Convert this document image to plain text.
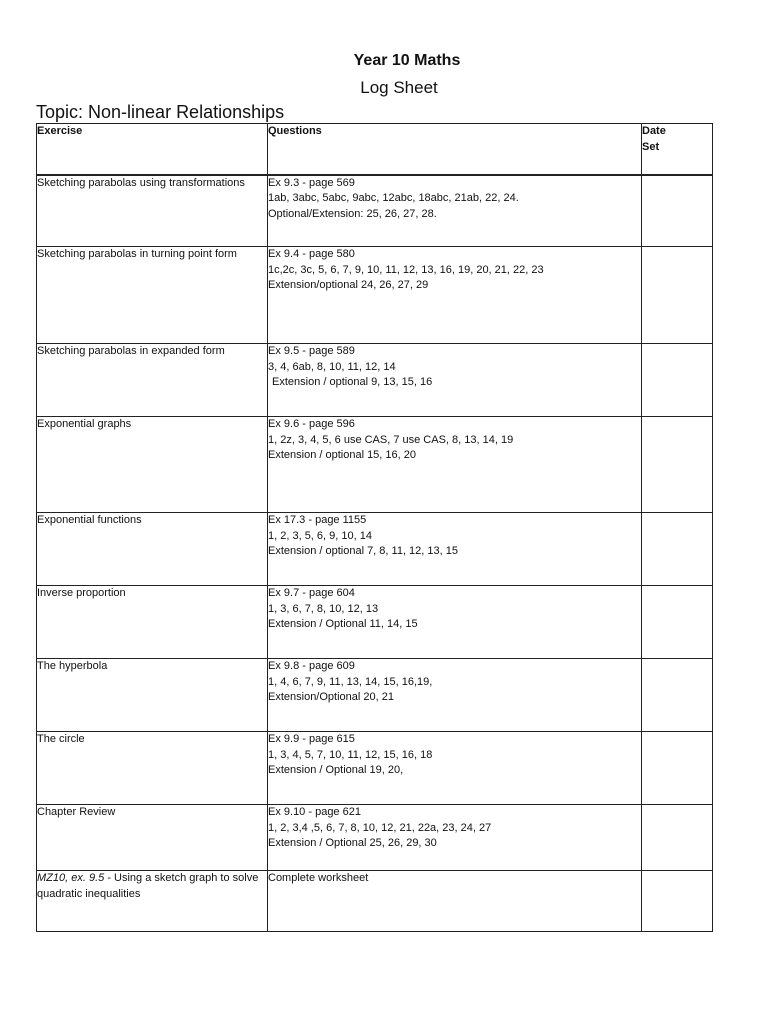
Year 10 Maths
Log Sheet
Topic: Non-linear Relationships
Exercise	Questions	Date
Set

Sketching parabolas using transformations	Ex 9.3 - page 569
1ab, 3abc, 5abc, 9abc, 12abc, 18abc, 21ab, 22, 24.
Optional/Extension: 25, 26, 27, 28.	

Sketching parabolas in turning point form	Ex 9.4 - page 580
1c,2c, 3c, 5, 6, 7, 9, 10, 11, 12, 13, 16, 19, 20, 21, 22, 23
Extension/optional 24, 26, 27, 29	

Sketching parabolas in expanded form	Ex 9.5 - page 589
3, 4, 6ab, 8, 10, 11, 12, 14
Extension / optional 9, 13, 15, 16	

Exponential graphs	Ex 9.6 - page 596
1, 2z, 3, 4, 5, 6 use CAS, 7 use CAS, 8, 13, 14, 19
Extension / optional 15, 16, 20	

Exponential functions	Ex 17.3 - page 1155
1, 2, 3, 5, 6, 9, 10, 14
Extension / optional 7, 8, 11, 12, 13, 15	

Inverse proportion	Ex 9.7 - page 604
1, 3, 6, 7, 8, 10, 12, 13
Extension / Optional 11, 14, 15	

The hyperbola	Ex 9.8 - page 609
1, 4, 6, 7, 9, 11, 13, 14, 15, 16,19,
Extension/Optional 20, 21	

The circle	Ex 9.9 - page 615
1, 3, 4, 5, 7, 10, 11, 12, 15, 16, 18
Extension / Optional 19, 20,	

Chapter Review	Ex 9.10 - page 621
1, 2, 3,4 ,5, 6, 7, 8, 10, 12, 21, 22a, 23, 24, 27
Extension / Optional 25, 26, 29, 30	

MZ10, ex. 9.5 - Using a sketch graph to solve quadratic inequalities	Complete worksheet	
